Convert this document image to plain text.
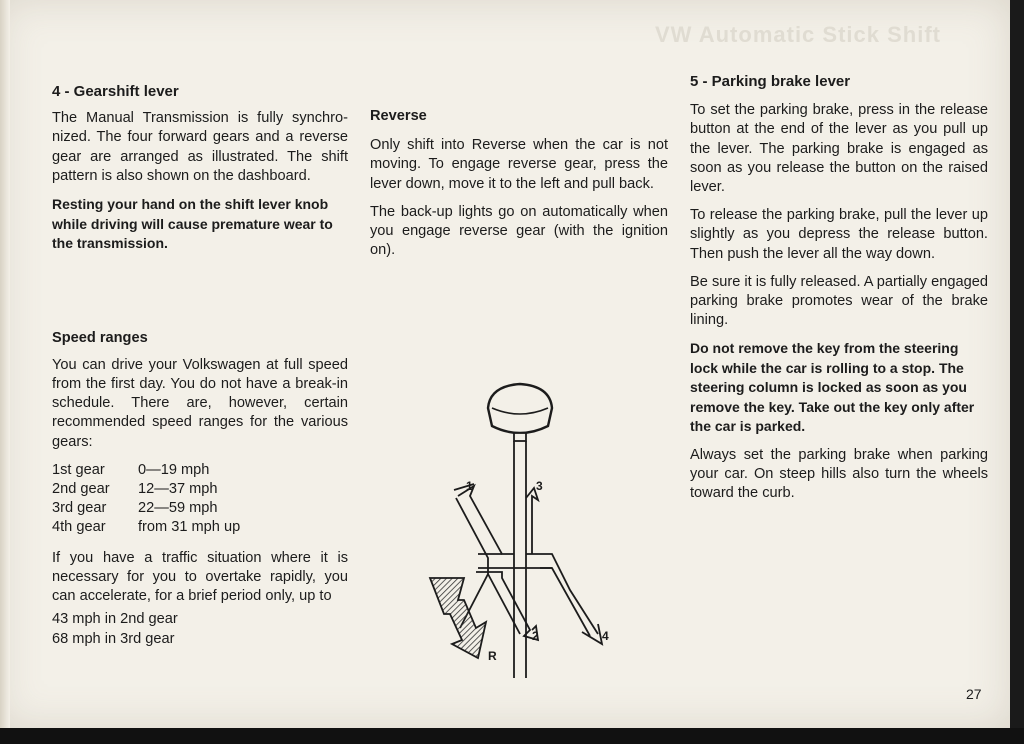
VW Automatic Stick Shift
4 - Gearshift lever

The Manual Transmission is fully synchronized. The four forward gears and a reverse gear are arranged as illustrated. The shift pattern is also shown on the dashboard.

Resting your hand on the shift lever knob while driving will cause premature wear to the transmission.

Speed ranges

You can drive your Volkswagen at full speed from the first day. You do not have a break-in schedule. There are, however, certain recommended speed ranges for the various gears:

1st gear	0—19 mph
2nd gear	12—37 mph
3rd gear	22—59 mph
4th gear	from 31 mph up

If you have a traffic situation where it is necessary for you to overtake rapidly, you can accelerate, for a brief period only, up to

43 mph in 2nd gear
68 mph in 3rd gear
Reverse

Only shift into Reverse when the car is not moving. To engage reverse gear, press the lever down, move it to the left and pull back.

The back-up lights go on automatically when you engage reverse gear (with the ignition on).

1	3
2	4
R
5 - Parking brake lever

To set the parking brake, press in the release button at the end of the lever as you pull up the lever. The parking brake is engaged as soon as you release the button on the raised lever.

To release the parking brake, pull the lever up slightly as you depress the release button. Then push the lever all the way down.

Be sure it is fully released. A partially engaged parking brake promotes wear of the brake lining.

Do not remove the key from the steering lock while the car is rolling to a stop. The steering column is locked as soon as you remove the key. Take out the key only after the car is parked.

Always set the parking brake when parking your car. On steep hills also turn the wheels toward the curb.

27
